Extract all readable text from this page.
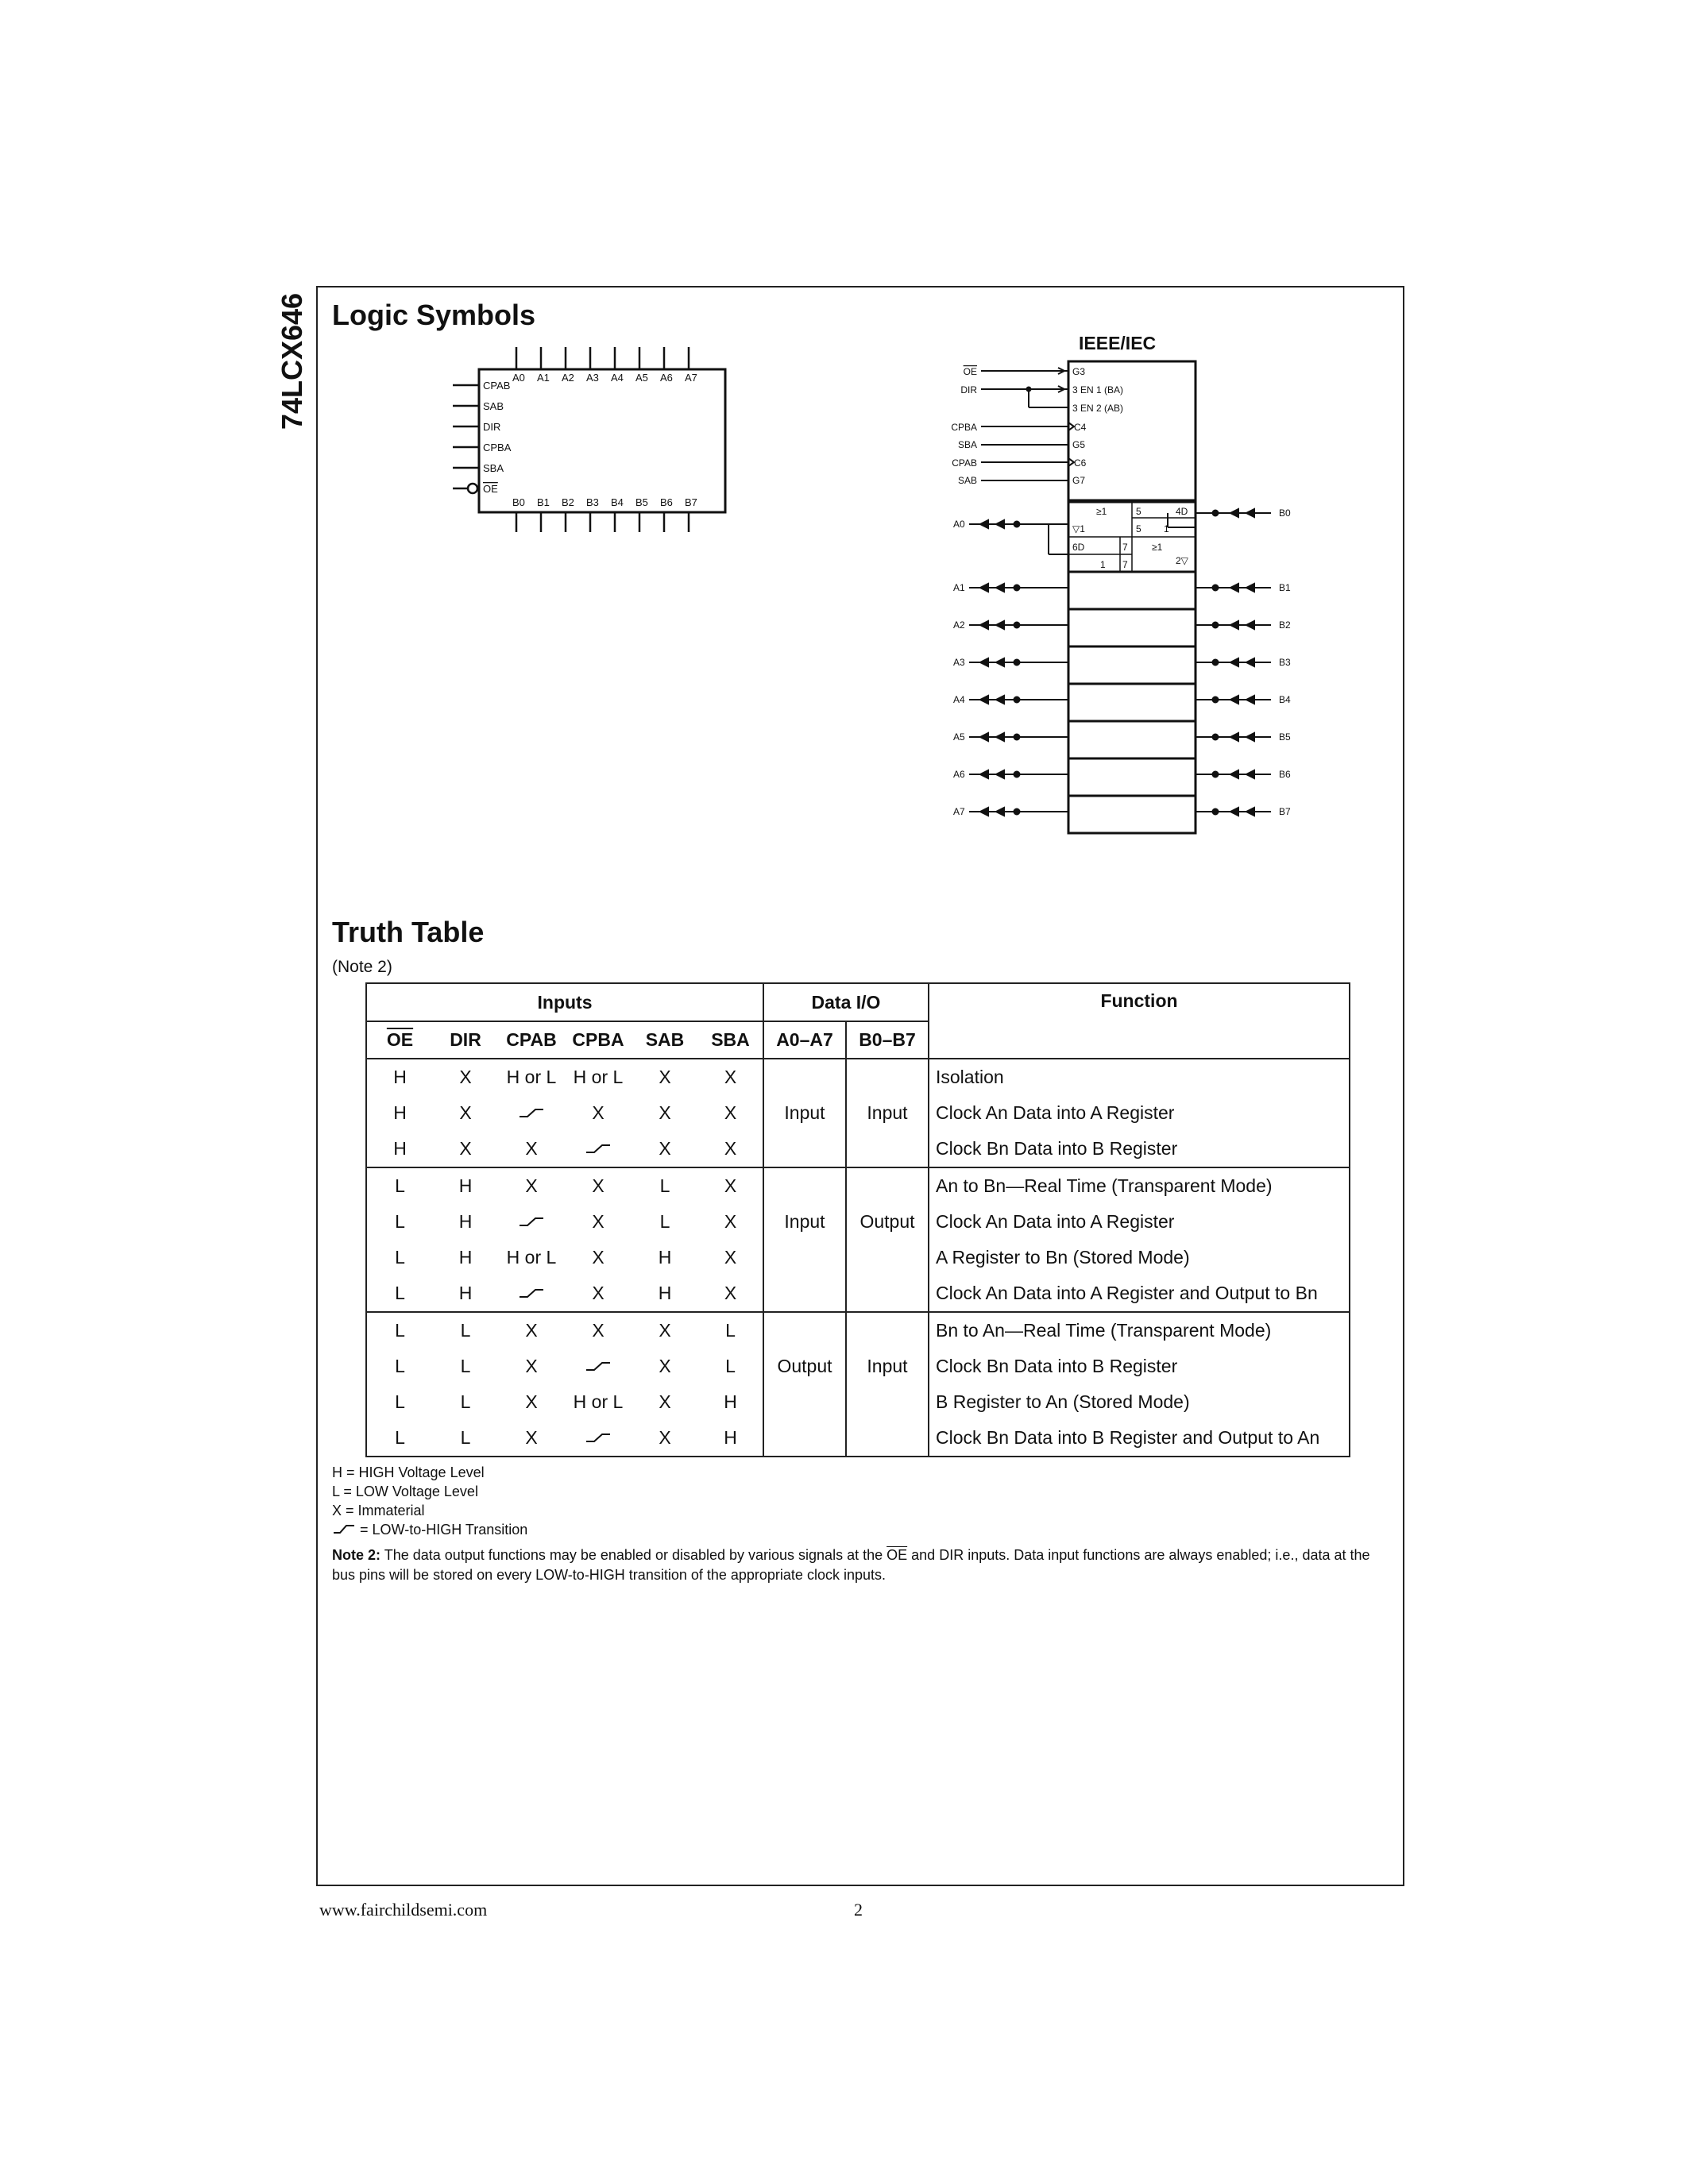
74LCX646 Logic Symbols
CPAB
SAB
DIR
CPBA
SBA
OE
A0 A1 A2 A3 A4 A5 A6 A7
B0 B1 B2 B3 B4 B5 B6 B7
IEEE/IEC
OE
DIR
CPBA
SBA
CPAB
SAB
G3
3 EN 1 (BA)
3 EN 2 (AB)
C4
G5
C6
G7
≥1	5	4D
▽1	5 1
6D	7	≥1
1 7	2▽
A0
A1
A2
A3
A4
A5
A6
A7
B0
B1
B2
B3
B4
B5
B6
B7
Truth Table
(Note 2)
Inputs						Data I/O		Function
$\overline{OE}$	DIR	CPAB	CPBA	SAB	SBA	A0–A7	B0–B7	
H	X	H or L	H or L	X	X			Isolation
H	X		X	X	X	Input	Input	Clock An Data into A Register
H	X	X		X	X			Clock Bn Data into B Register
L	H	X	X	L	X			An to Bn—Real Time (Transparent Mode)
L	H		X	L	X	Input	Output	Clock An Data into A Register
L	H	H or L	X	H	X			A Register to Bn (Stored Mode)
L	H		X	H	X			Clock An Data into A Register and Output to Bn
L	L	X	X	X	L			Bn to An—Real Time (Transparent Mode)
L	L	X		X	L	Output	Input	Clock Bn Data into B Register
L	L	X	H or L	X	H			B Register to An (Stored Mode)
L	L	X		X	H			Clock Bn Data into B Register and Output to An
H = HIGH Voltage Level
L = LOW Voltage Level
X = Immaterial
= LOW-to-HIGH Transition
Note 2: The data output functions may be enabled or disabled by various signals at the $\overline{OE}$ and DIR inputs. Data input functions are always enabled; i.e., data at the bus pins will be stored on every LOW-to-HIGH transition of the appropriate clock inputs.
www.fairchildsemi.com	2
